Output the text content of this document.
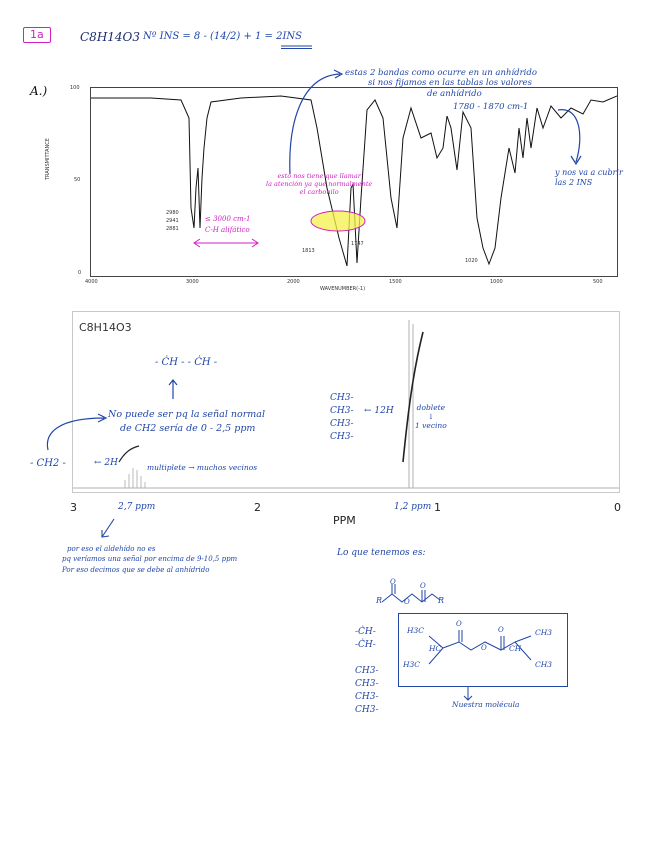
1a	C8H14O3 Nº INS = 8 - (14/2) + 1 = 2INS
A.)	100
50
0
TRANSMITTANCE
4000	3000	2000	1500	1000	500
WAVENUMBER(-1)
2980
2941
2881
1813
1747
1020
estas 2 bandas como ocurre en un anhídrido
si nos fijamos en las tablas los valores
de anhídrido
1780 - 1870 cm-1
y nos va a cubrir
las 2 INS
esto nos tiene que llamar
la atención ya que normalmente
el carbonilo
≤ 3000 cm-1
C-H alifático
C8H14O3
3	2	1	0
PPM
- ĊH - - ĊH -
No puede ser pq la señal normal
de CH2 sería de 0 - 2,5 ppm
- CH2 -	← 2H	multiplete → muchos vecinos
2,7 ppm
CH3-
CH3-
CH3-
CH3-
← 12H	doblete
↓
1 vecino
1,2 ppm
por eso el aldehído no es
pq veríamos una señal por encima de 9-10,5 ppm
Por eso decimos que se debe al anhídrido
Lo que tenemos es:
R	R
O
O
O
-ĊH-
-ĊH-

CH3-
CH3-
CH3-
CH3-
H3C
HC
H3C
O
O
O
CH
CH3
CH3
Nuestra molécula
